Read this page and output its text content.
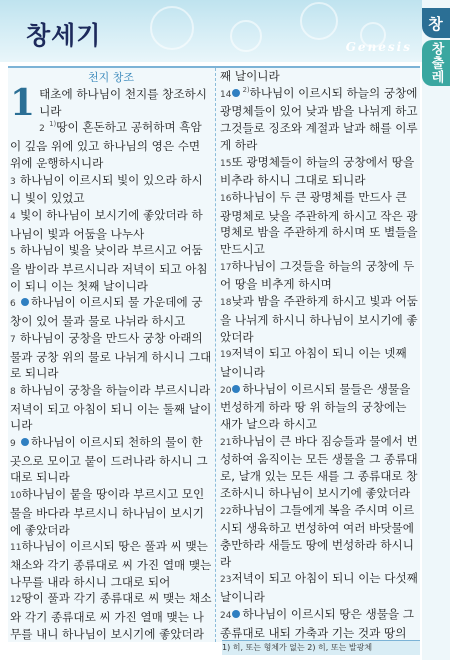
창세기	Genesis
창
창출레
천지 창조

1 태초에 하나님이 천지를 창조하시니라

2 $^{1)}$땅이 혼돈하고 공허하며 흑암이 깊음 위에 있고 하나님의 영은 수면 위에 운행하시니라

3 하나님이 이르시되 빛이 있으라 하시니 빛이 있었고

4 빛이 하나님이 보시기에 좋았더라 하나님이 빛과 어둠을 나누사

5 하나님이 빛을 낮이라 부르시고 어둠을 밤이라 부르시니라 저녁이 되고 아침이 되니 이는 첫째 날이니라

6 하나님이 이르시되 물 가운데에 궁창이 있어 물과 물로 나뉘라 하시고

7 하나님이 궁창을 만드사 궁창 아래의 물과 궁창 위의 물로 나뉘게 하시니 그대로 되니라

8 하나님이 궁창을 하늘이라 부르시니라 저녁이 되고 아침이 되니 이는 둘째 날이니라

9 하나님이 이르시되 천하의 물이 한 곳으로 모이고 뭍이 드러나라 하시니 그대로 되니라

10하나님이 뭍을 땅이라 부르시고 모인 물을 바다라 부르시니 하나님이 보시기에 좋았더라

11하나님이 이르시되 땅은 풀과 씨 맺는 채소와 각기 종류대로 씨 가진 열매 맺는 나무를 내라 하시니 그대로 되어

12땅이 풀과 각기 종류대로 씨 맺는 채소와 각기 종류대로 씨 가진 열매 맺는 나무를 내니 하나님이 보시기에 좋았더라

째 날이니라

14 $^{2)}$하나님이 이르시되 하늘의 궁창에 광명체들이 있어 낮과 밤을 나뉘게 하고 그것들로 징조와 계절과 날과 해를 이루게 하라

15또 광명체들이 하늘의 궁창에서 땅을 비추라 하시니 그대로 되니라

16하나님이 두 큰 광명체를 만드사 큰 광명체로 낮을 주관하게 하시고 작은 광명체로 밤을 주관하게 하시며 또 별들을 만드시고

17하나님이 그것들을 하늘의 궁창에 두어 땅을 비추게 하시며

18낮과 밤을 주관하게 하시고 빛과 어둠을 나뉘게 하시니 하나님이 보시기에 좋았더라

19저녁이 되고 아침이 되니 이는 넷째 날이니라

20 하나님이 이르시되 물들은 생물을 번성하게 하라 땅 위 하늘의 궁창에는 새가 날으라 하시고

21하나님이 큰 바다 짐승들과 물에서 번성하여 움직이는 모든 생물을 그 종류대로, 날개 있는 모든 새를 그 종류대로 창조하시니 하나님이 보시기에 좋았더라

22하나님이 그들에게 복을 주시며 이르시되 생육하고 번성하여 여러 바닷물에 충만하라 새들도 땅에 번성하라 하시니라

23저녁이 되고 아침이 되니 이는 다섯째 날이니라

24 하나님이 이르시되 땅은 생물을 그 종류대로 내되 가축과 기는 것과 땅의

1) 히, 또는 형체가 없는 2) 히, 또는 발광체
